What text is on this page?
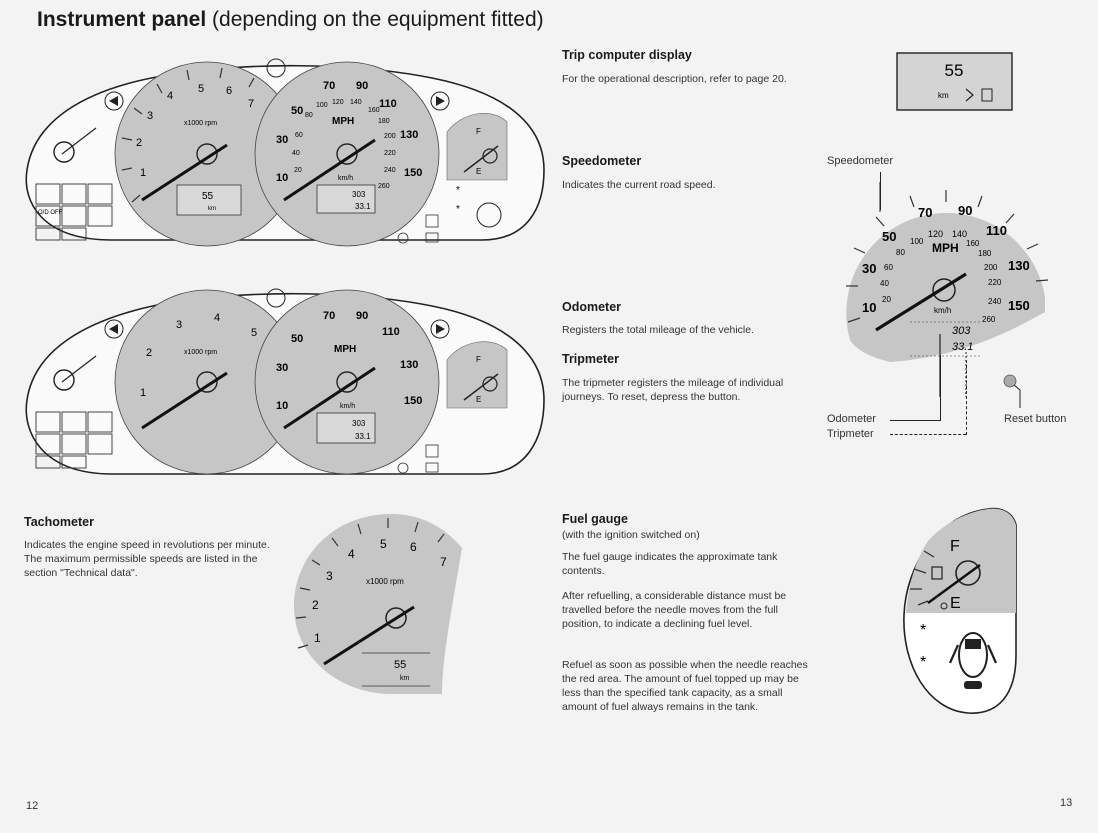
Instrument panel (depending on the equipment fitted)
1
2
3
4
5 6
7
x1000 rpm
55
km
70 90
50
110
30	130
10	150
MPH
100 120 140
160
180
80
60
40
20
200
220
240
260
km/h
303
33.1
O/D OFF
F
E
*
*
1
2
3
4
5
x1000 rpm
70 90
50
110
30	130
10	150
MPH
km/h
303
33.1
F
E
1
2
3
4
5 6
7
x1000 rpm
55
km
55
km
70 90
50	110
30	130
10	150
MPH
100
120 140
160
180
80
60
40
20
200
220
240
260
km/h
303
33.1
F
E
*
*
Trip computer display
For the operational description, refer to page 20.
Speedometer
Indicates the current road speed.
Odometer
Registers the total mileage of the vehicle.
Tripmeter
The tripmeter registers the mileage of individual journeys. To reset, depress the button.
Tachometer
Indicates the engine speed in revolutions per minute. The maximum permissible speeds are listed in the section "Technical data".
Fuel gauge
(with the ignition switched on)
The fuel gauge indicates the approximate tank contents.
After refuelling, a considerable distance must be travelled before the needle moves from the full position, to indicate a declining fuel level.
Refuel as soon as possible when the needle reaches the red area. The amount of fuel topped up may be less than the specified tank capacity, as a small amount of fuel always remains in the tank.
Speedometer
Odometer
Tripmeter
Reset button
12	13
